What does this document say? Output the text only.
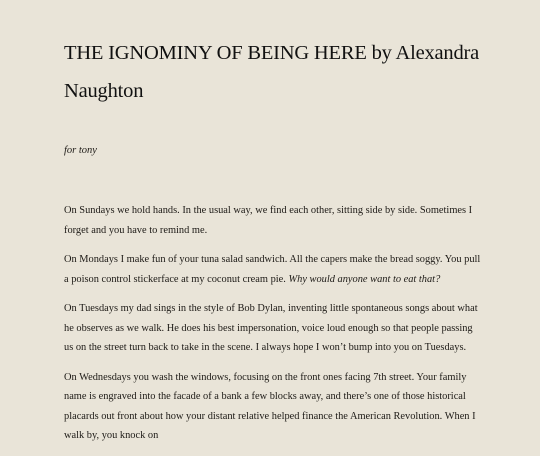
THE IGNOMINY OF BEING HERE by Alexandra Naughton

for tony

On Sundays we hold hands. In the usual way, we find each other, sitting side by side. Sometimes I forget and you have to remind me.

On Mondays I make fun of your tuna salad sandwich. All the capers make the bread soggy. You pull a poison control stickerface at my coconut cream pie. Why would anyone want to eat that?

On Tuesdays my dad sings in the style of Bob Dylan, inventing little spontaneous songs about what he observes as we walk. He does his best impersonation, voice loud enough so that people passing us on the street turn back to take in the scene. I always hope I won’t bump into you on Tuesdays.

On Wednesdays you wash the windows, focusing on the front ones facing 7th street. Your family name is engraved into the facade of a bank a few blocks away, and there’s one of those historical placards out front about how your distant relative helped finance the American Revolution. When I walk by, you knock on
